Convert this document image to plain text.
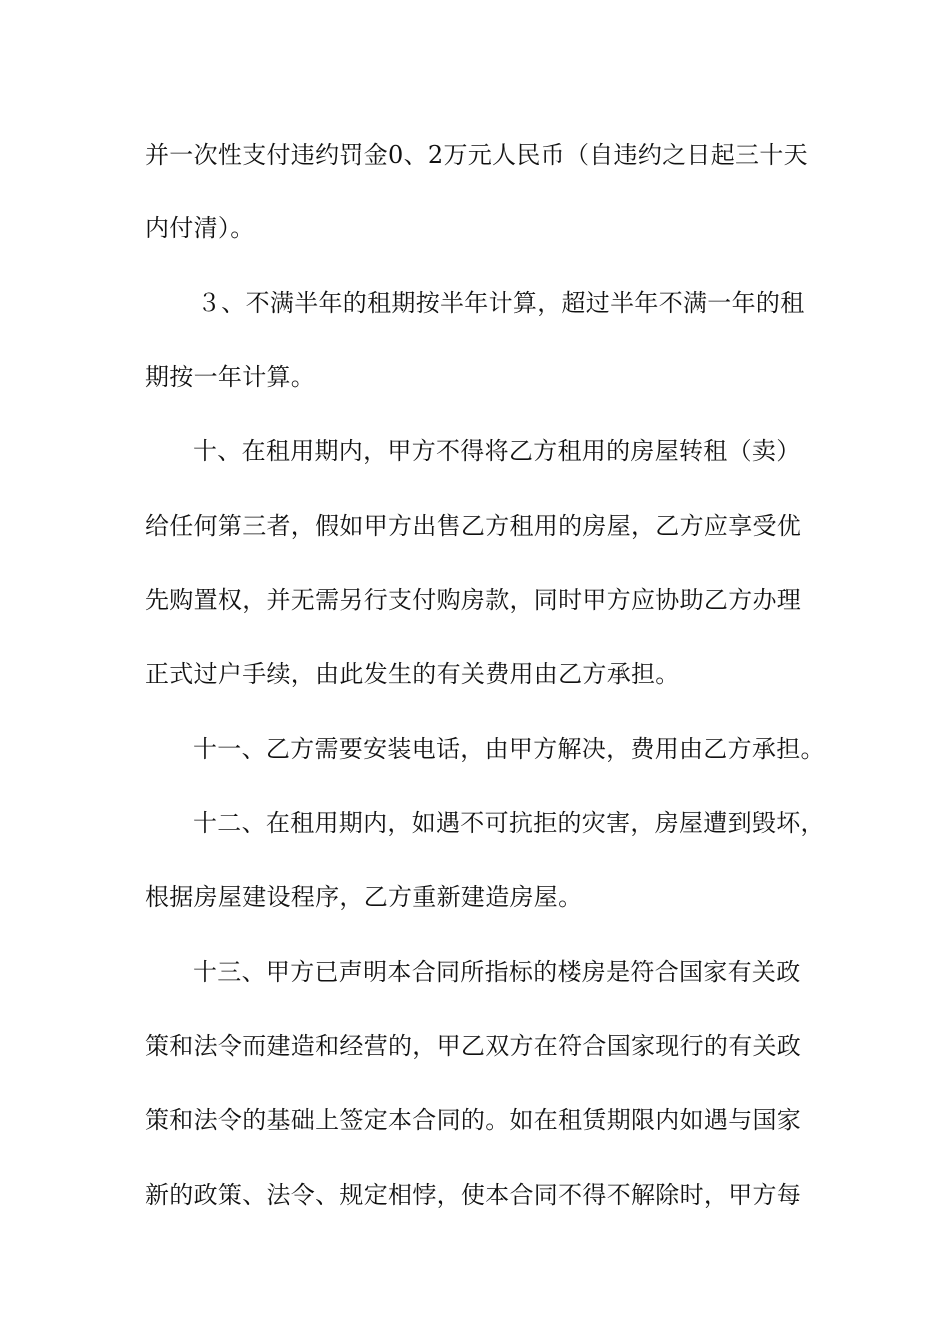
并一次性支付违约罚金0、2万元人民币（自违约之日起三十天
内付清）。
３、不满半年的租期按半年计算，超过半年不满一年的租
期按一年计算。
十、在租用期内，甲方不得将乙方租用的房屋转租（卖）
给任何第三者，假如甲方出售乙方租用的房屋，乙方应享受优
先购置权，并无需另行支付购房款，同时甲方应协助乙方办理
正式过户手续，由此发生的有关费用由乙方承担。
十一、乙方需要安装电话，由甲方解决，费用由乙方承担。
十二、在租用期内，如遇不可抗拒的灾害，房屋遭到毁坏，
根据房屋建设程序，乙方重新建造房屋。
十三、甲方已声明本合同所指标的楼房是符合国家有关政
策和法令而建造和经营的，甲乙双方在符合国家现行的有关政
策和法令的基础上签定本合同的。如在租赁期限内如遇与国家
新的政策、法令、规定相悖，使本合同不得不解除时，甲方每
